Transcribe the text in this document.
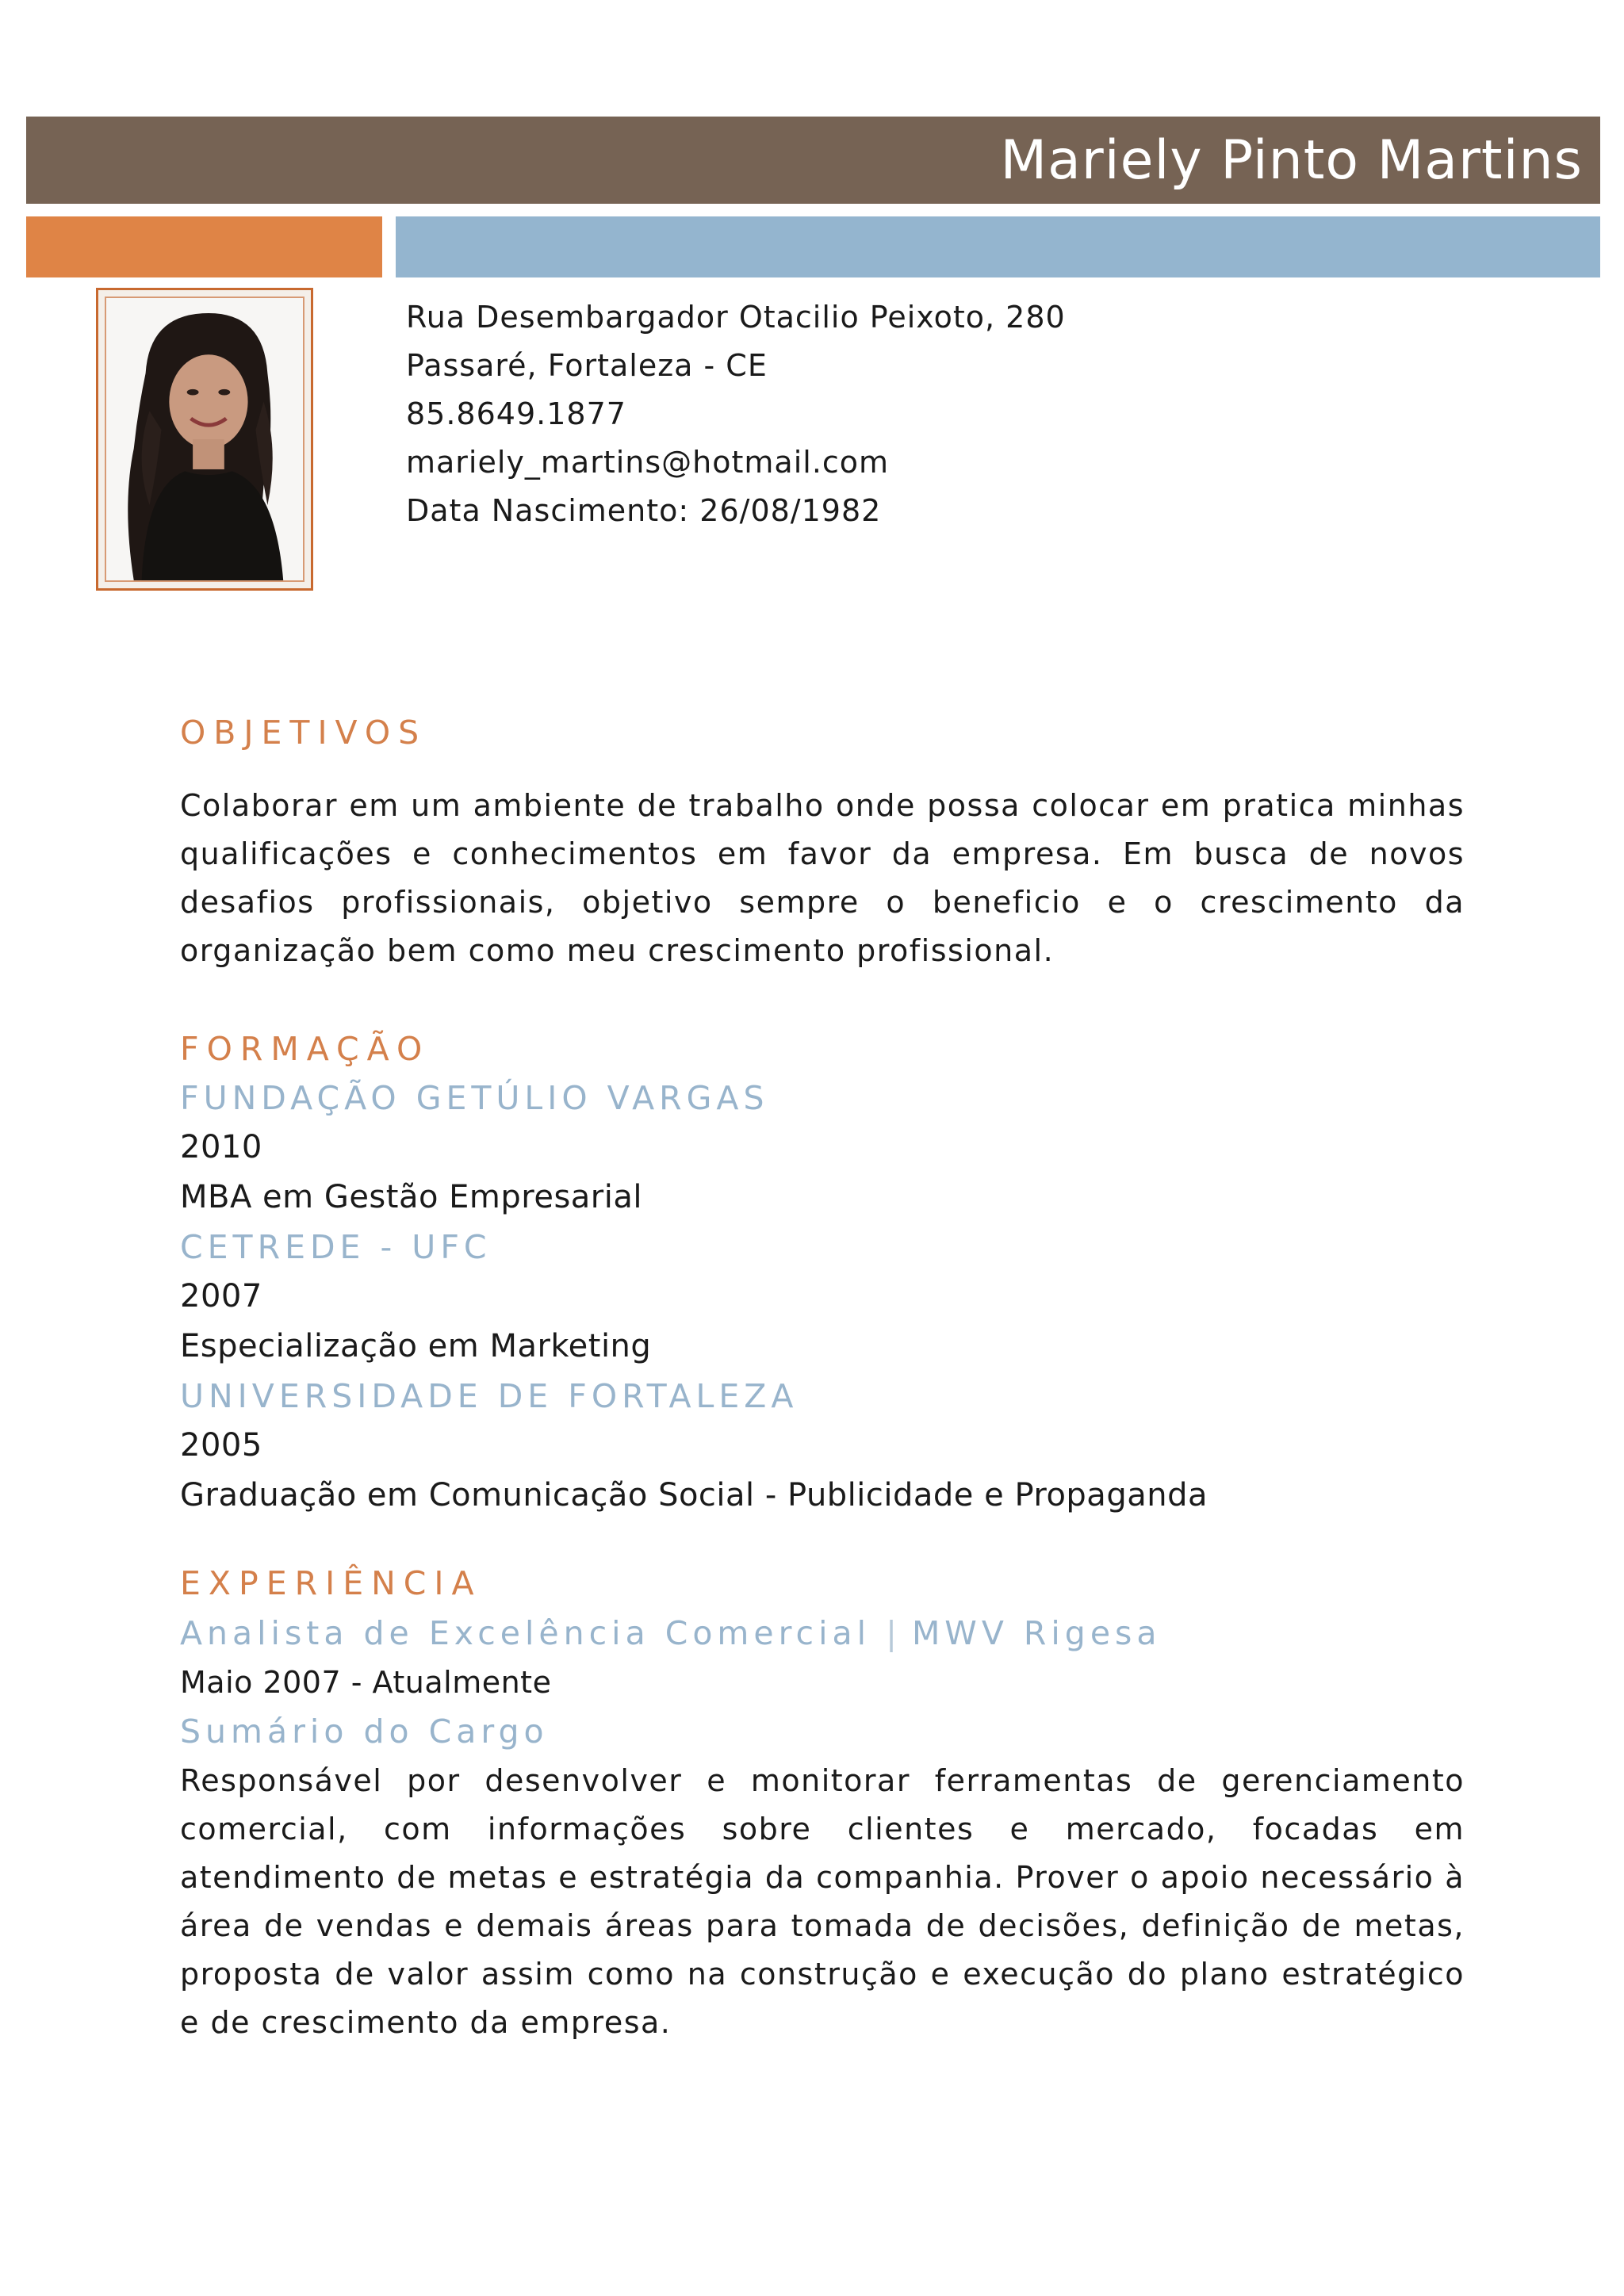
Mariely Pinto Martins
Rua Desembargador Otacilio Peixoto, 280
Passaré, Fortaleza - CE
85.8649.1877
mariely_martins@hotmail.com
Data Nascimento: 26/08/1982
OBJETIVOS
Colaborar em um ambiente de trabalho onde possa colocar em pratica minhas qualificações e conhecimentos em favor da empresa. Em busca de novos desafios profissionais, objetivo sempre o beneficio e o crescimento da organização bem como meu crescimento profissional.
FORMAÇÃO
FUNDAÇÃO GETÚLIO VARGAS
2010
MBA em Gestão Empresarial
CETREDE - UFC
2007
Especialização em Marketing
UNIVERSIDADE DE FORTALEZA
2005
Graduação em Comunicação Social - Publicidade e Propaganda
EXPERIÊNCIA
Analista de Excelência Comercial | MWV Rigesa
Maio 2007 - Atualmente
Sumário do Cargo
Responsável por desenvolver e monitorar ferramentas de gerenciamento comercial, com informações sobre clientes e mercado, focadas em atendimento de metas e estratégia da companhia. Prover o apoio necessário à área de vendas e demais áreas para tomada de decisões, definição de metas, proposta de valor assim como na construção e execução do plano estratégico e de crescimento da empresa.
